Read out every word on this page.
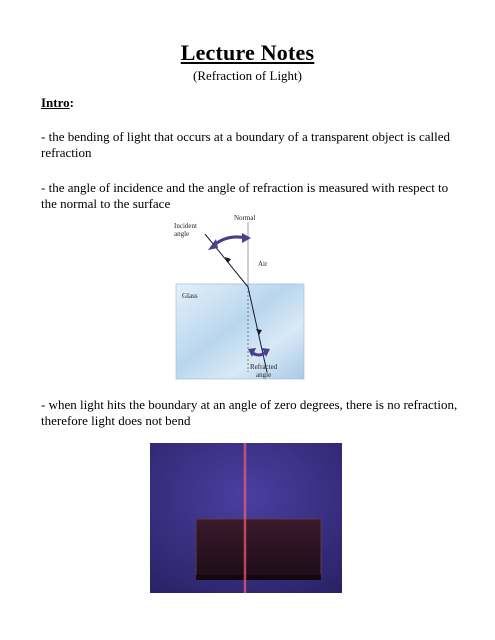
Lecture Notes
(Refraction of Light)
Intro:
- the bending of light that occurs at a boundary of a transparent object is called refraction
- the angle of incidence and the angle of refraction is measured with respect to the normal to the surface
Normal
Incident
angle
Air
Glass
Refracted
angle
- when light hits the boundary at an angle of zero degrees, there is no refraction, therefore light does not bend
